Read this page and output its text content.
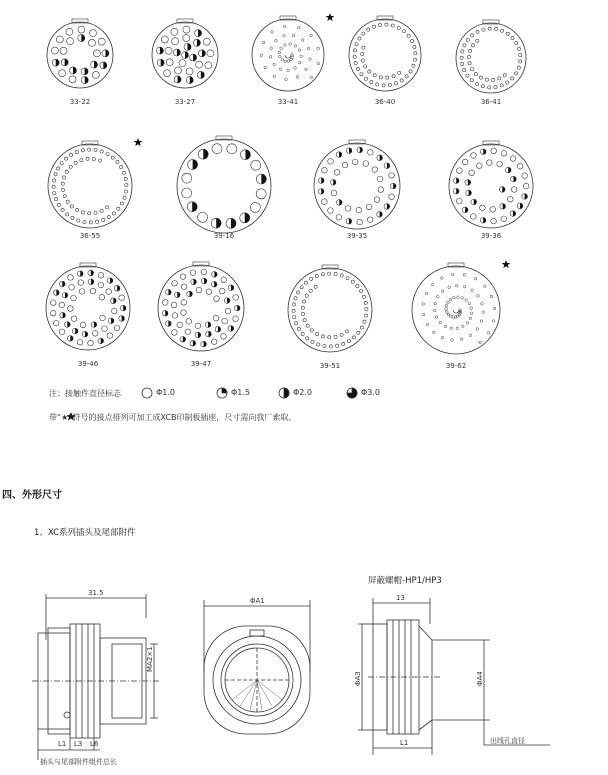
33-22	33-27	33-41	36-40	36-41
36-55	39-16	39-35	39-36
39-46	39-47	39-51	39-62
注：接触件直径标志	Φ1.0	Φ1.5	Φ2.0	Φ3.0
带“★”符号的接点排列可加工成XCB印制板插座，尺寸需向我厂索取。
四、外形尺寸
1、XC系列插头及尾部附件
屏蔽螺帽-HP1/HP3
31.5
MA2×1
ΦA1
ΦA3	ΦA4
13
L1 L3 L6	L1
插头与尾部附件组件总长
出线孔直径
